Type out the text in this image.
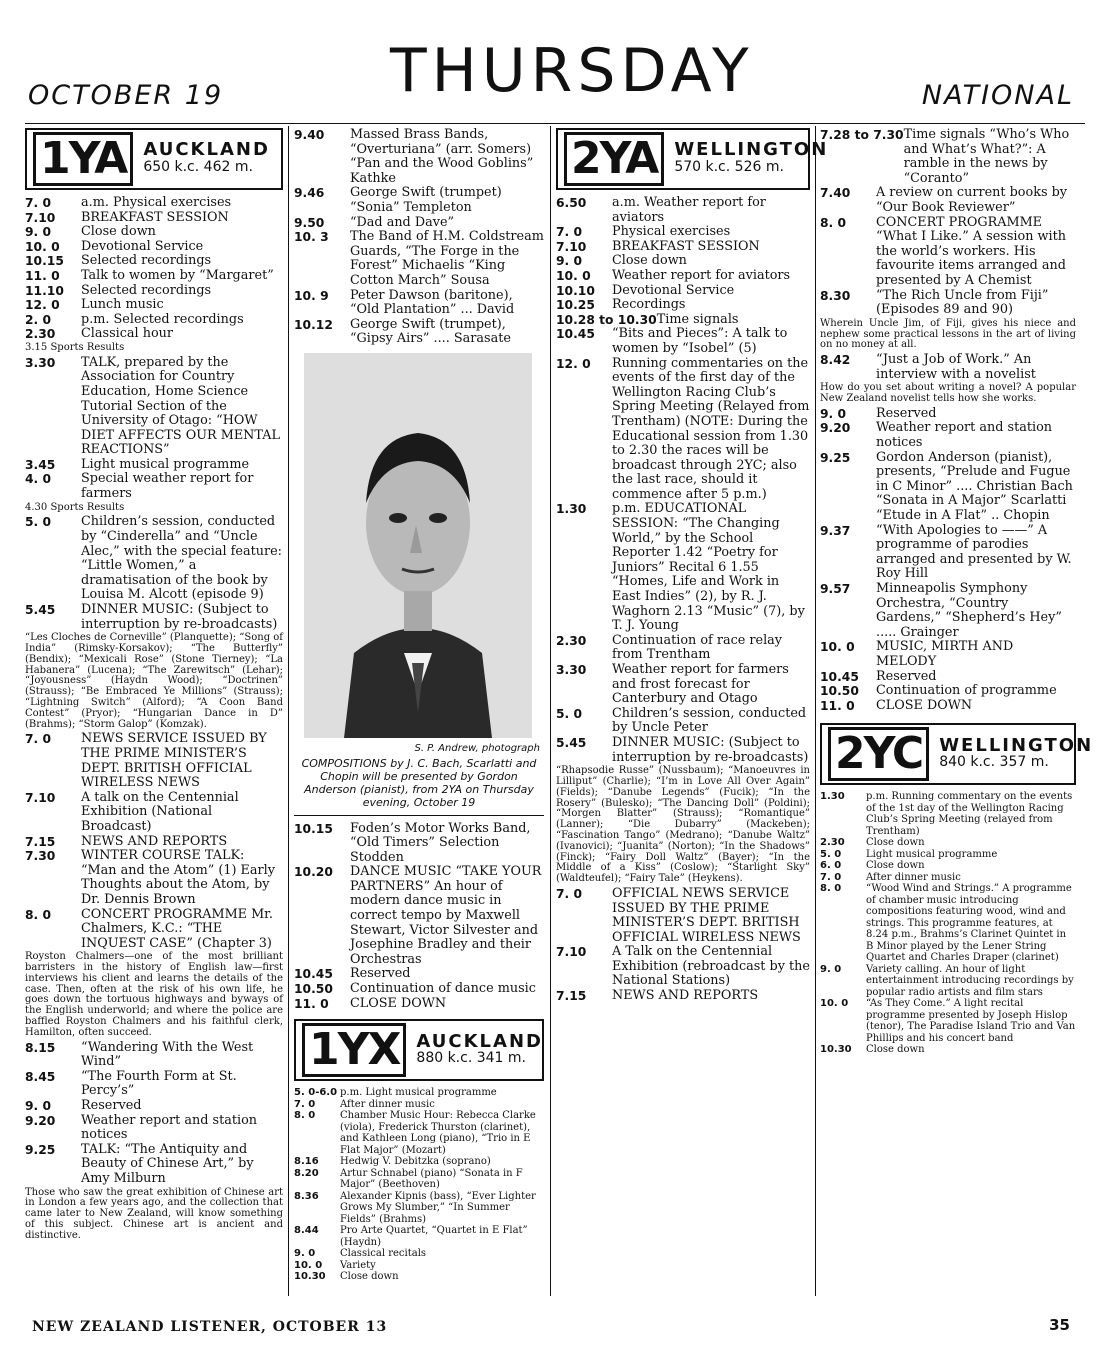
OCTOBER 19	THURSDAY	NATIONAL
1YA AUCKLAND
650 k.c. 462 m.
7. 0	a.m. Physical exercises
7.10	BREAKFAST SESSION
9. 0	Close down
10. 0	Devotional Service
10.15	Selected recordings
11. 0	Talk to women by “Margaret”
11.10	Selected recordings
12. 0	Lunch music
2. 0	p.m. Selected recordings
2.30	Classical hour
3.15 Sports Results
3.30	TALK, prepared by the Association for Country Education, Home Science Tutorial Section of the University of Otago: “HOW DIET AFFECTS OUR MENTAL REACTIONS”
3.45	Light musical programme
4. 0	Special weather report for farmers
4.30 Sports Results
5. 0	Children’s session, conducted by “Cinderella” and “Uncle Alec,” with the special feature: “Little Women,” a dramatisation of the book by Louisa M. Alcott (episode 9)
5.45	DINNER MUSIC: (Subject to interruption by re-broadcasts)
“Les Cloches de Corneville” (Planquette); “Song of India” (Rimsky-Korsakov); “The Butterfly” (Bendix); “Mexicali Rose” (Stone Tierney); “La Habanera” (Lucena); “The Zarewitsch” (Lehar); “Joyousness” (Haydn Wood); “Doctrinen” (Strauss); “Be Embraced Ye Millions” (Strauss); “Lightning Switch” (Alford); “A Coon Band Contest” (Pryor); “Hungarian Dance in D” (Brahms); “Storm Galop” (Komzak).
7. 0	NEWS SERVICE ISSUED BY THE PRIME MINISTER’S DEPT. BRITISH OFFICIAL WIRELESS NEWS
7.10	A talk on the Centennial Exhibition (National Broadcast)
7.15	NEWS AND REPORTS
7.30	WINTER COURSE TALK: “Man and the Atom” (1) Early Thoughts about the Atom, by Dr. Dennis Brown
8. 0	CONCERT PROGRAMME Mr. Chalmers, K.C.: “THE INQUEST CASE” (Chapter 3)
Royston Chalmers—one of the most brilliant barristers in the history of English law—first interviews his client and learns the details of the case. Then, often at the risk of his own life, he goes down the tortuous highways and byways of the English underworld; and where the police are baffled Royston Chalmers and his faithful clerk, Hamilton, often succeed.
8.15	“Wandering With the West Wind”
8.45	“The Fourth Form at St. Percy’s”
9. 0	Reserved
9.20	Weather report and station notices
9.25	TALK: “The Antiquity and Beauty of Chinese Art,” by Amy Milburn
Those who saw the great exhibition of Chinese art in London a few years ago, and the collection that came later to New Zealand, will know something of this subject. Chinese art is ancient and distinctive.
9.40	Massed Brass Bands, “Overturiana” (arr. Somers) “Pan and the Wood Goblins” Kathke
9.46	George Swift (trumpet) “Sonia” Templeton
9.50	“Dad and Dave”
10. 3	The Band of H.M. Coldstream Guards, “The Forge in the Forest” Michaelis “King Cotton March” Sousa
10. 9	Peter Dawson (baritone), “Old Plantation” ... David
10.12	George Swift (trumpet), “Gipsy Airs” .... Sarasate
S. P. Andrew, photograph
COMPOSITIONS by J. C. Bach, Scarlatti and Chopin will be presented by Gordon Anderson (pianist), from 2YA on Thursday evening, October 19
10.15	Foden’s Motor Works Band, “Old Timers” Selection Stodden
10.20	DANCE MUSIC “TAKE YOUR PARTNERS” An hour of modern dance music in correct tempo by Maxwell Stewart, Victor Silvester and Josephine Bradley and their Orchestras
10.45	Reserved
10.50	Continuation of dance music
11. 0	CLOSE DOWN
1YX AUCKLAND
880 k.c. 341 m.
5. 0-6.0 p.m. Light musical programme
7. 0	After dinner music
8. 0	Chamber Music Hour: Rebecca Clarke (viola), Frederick Thurston (clarinet), and Kathleen Long (piano), “Trio in E Flat Major” (Mozart)
8.16	Hedwig V. Debitzka (soprano)
8.20	Artur Schnabel (piano) “Sonata in F Major” (Beethoven)
8.36	Alexander Kipnis (bass), “Ever Lighter Grows My Slumber,” “In Summer Fields” (Brahms)
8.44	Pro Arte Quartet, “Quartet in E Flat” (Haydn)
9. 0	Classical recitals
10. 0	Variety
10.30	Close down
2YA WELLINGTON
570 k.c. 526 m.
6.50	a.m. Weather report for aviators
7. 0	Physical exercises
7.10	BREAKFAST SESSION
9. 0	Close down
10. 0	Weather report for aviators
10.10	Devotional Service
10.25	Recordings
10.28 to 10.30 Time signals
10.45	“Bits and Pieces”: A talk to women by “Isobel” (5)
12. 0	Running commentaries on the events of the first day of the Wellington Racing Club’s Spring Meeting (Relayed from Trentham) (NOTE: During the Educational session from 1.30 to 2.30 the races will be broadcast through 2YC; also the last race, should it commence after 5 p.m.)
1.30	p.m. EDUCATIONAL SESSION: “The Changing World,” by the School Reporter 1.42 “Poetry for Juniors” Recital 6 1.55 “Homes, Life and Work in East Indies” (2), by R. J. Waghorn 2.13 “Music” (7), by T. J. Young
2.30	Continuation of race relay from Trentham
3.30	Weather report for farmers and frost forecast for Canterbury and Otago
5. 0	Children’s session, conducted by Uncle Peter
5.45	DINNER MUSIC: (Subject to interruption by re-broadcasts)
“Rhapsodie Russe” (Nussbaum); “Manoeuvres in Lilliput” (Charlie); “I’m in Love All Over Again” (Fields); “Danube Legends” (Fucik); “In the Rosery” (Bulesko); “The Dancing Doll” (Poldini); “Morgen Blatter” (Strauss); “Romantique” (Lanner); “Die Dubarry” (Mackeben); “Fascination Tango” (Medrano); “Danube Waltz” (Ivanovici); “Juanita” (Norton); “In the Shadows” (Finck); “Fairy Doll Waltz” (Bayer); “In the Middle of a Kiss” (Coslow); “Starlight Sky” (Waldteufel); “Fairy Tale” (Heykens).
7. 0	OFFICIAL NEWS SERVICE ISSUED BY THE PRIME MINISTER’S DEPT. BRITISH OFFICIAL WIRELESS NEWS
7.10	A Talk on the Centennial Exhibition (rebroadcast by the National Stations)
7.15	NEWS AND REPORTS
7.28 to 7.30 Time signals “Who’s Who and What’s What?”: A ramble in the news by “Coranto”
7.40	A review on current books by “Our Book Reviewer”
8. 0	CONCERT PROGRAMME “What I Like.” A session with the world’s workers. His favourite items arranged and presented by A Chemist
8.30	“The Rich Uncle from Fiji” (Episodes 89 and 90)
Wherein Uncle Jim, of Fiji, gives his niece and nephew some practical lessons in the art of living on no money at all.
8.42	“Just a Job of Work.” An interview with a novelist
How do you set about writing a novel? A popular New Zealand novelist tells how she works.
9. 0	Reserved
9.20	Weather report and station notices
9.25	Gordon Anderson (pianist), presents, “Prelude and Fugue in C Minor” .... Christian Bach “Sonata in A Major” Scarlatti “Etude in A Flat” .. Chopin
9.37	“With Apologies to ——” A programme of parodies arranged and presented by W. Roy Hill
9.57	Minneapolis Symphony Orchestra, “Country Gardens,” “Shepherd’s Hey” ..... Grainger
10. 0	MUSIC, MIRTH AND MELODY
10.45	Reserved
10.50	Continuation of programme
11. 0	CLOSE DOWN
2YC WELLINGTON
840 k.c. 357 m.
1.30	p.m. Running commentary on the events of the 1st day of the Wellington Racing Club’s Spring Meeting (relayed from Trentham)
2.30	Close down
5. 0	Light musical programme
6. 0	Close down
7. 0	After dinner music
8. 0	“Wood Wind and Strings.” A programme of chamber music introducing compositions featuring wood, wind and strings. This programme features, at 8.24 p.m., Brahms’s Clarinet Quintet in B Minor played by the Lener String Quartet and Charles Draper (clarinet)
9. 0	Variety calling. An hour of light entertainment introducing recordings by popular radio artists and film stars
10. 0	“As They Come.” A light recital programme presented by Joseph Hislop (tenor), The Paradise Island Trio and Van Phillips and his concert band
10.30	Close down
NEW ZEALAND LISTENER, OCTOBER 13	35
